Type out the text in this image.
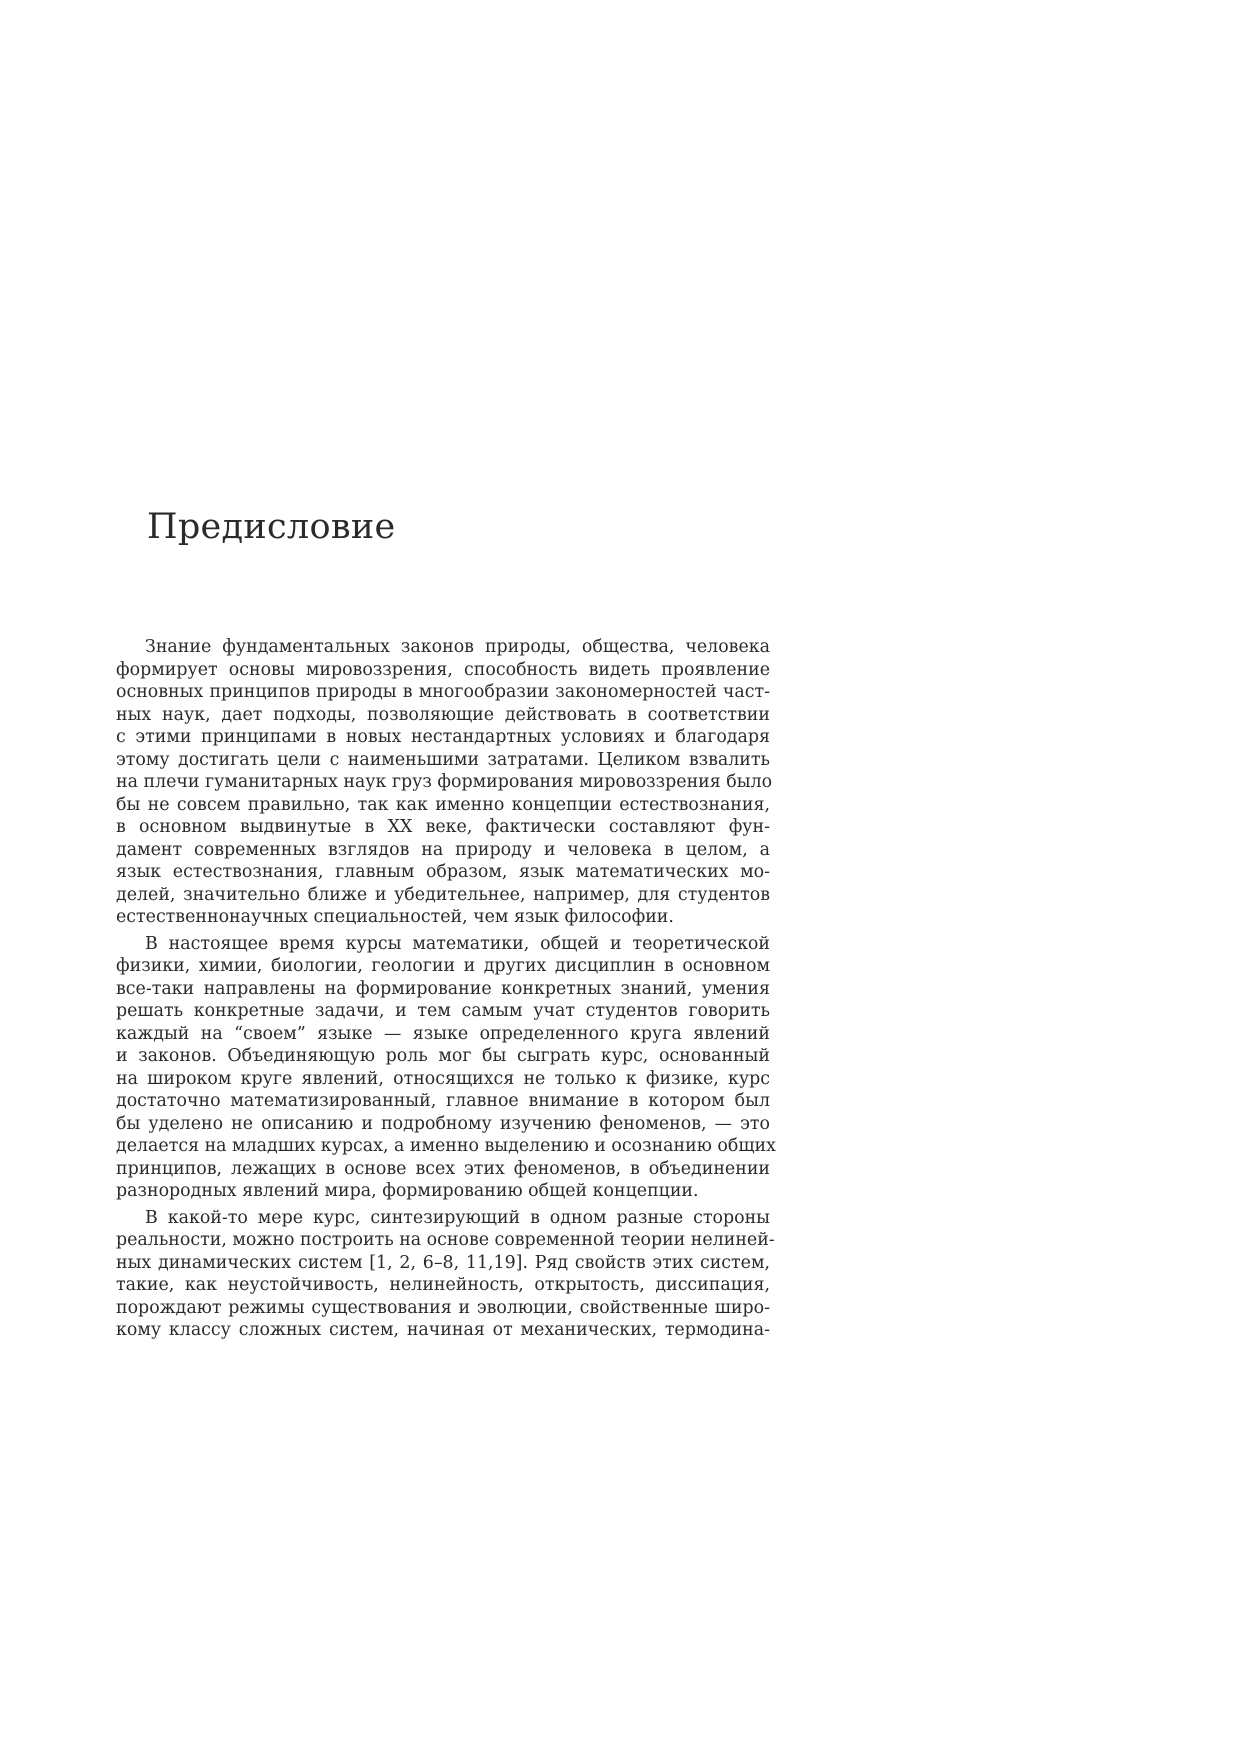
Предисловие
Знание фундаментальных законов природы, общества, человека
формирует основы мировоззрения, способность видеть проявление
основных принципов природы в многообразии закономерностей част-
ных наук, дает подходы, позволяющие действовать в соответствии
с этими принципами в новых нестандартных условиях и благодаря
этому достигать цели с наименьшими затратами. Целиком взвалить
на плечи гуманитарных наук груз формирования мировоззрения было
бы не совсем правильно, так как именно концепции естествознания,
в основном выдвинутые в XX веке, фактически составляют фун-
дамент современных взглядов на природу и человека в целом, а
язык естествознания, главным образом, язык математических мо-
делей, значительно ближе и убедительнее, например, для студентов
естественнонаучных специальностей, чем язык философии.
В настоящее время курсы математики, общей и теоретической
физики, химии, биологии, геологии и других дисциплин в основном
все-таки направлены на формирование конкретных знаний, умения
решать конкретные задачи, и тем самым учат студентов говорить
каждый на “своем” языке — языке определенного круга явлений
и законов. Объединяющую роль мог бы сыграть курс, основанный
на широком круге явлений, относящихся не только к физике, курс
достаточно математизированный, главное внимание в котором был
бы уделено не описанию и подробному изучению феноменов, — это
делается на младших курсах, а именно выделению и осознанию общих
принципов, лежащих в основе всех этих феноменов, в объединении
разнородных явлений мира, формированию общей концепции.
В какой-то мере курс, синтезирующий в одном разные стороны
реальности, можно построить на основе современной теории нелиней-
ных динамических систем [1, 2, 6–8, 11,19]. Ряд свойств этих систем,
такие, как неустойчивость, нелинейность, открытость, диссипация,
порождают режимы существования и эволюции, свойственные широ-
кому классу сложных систем, начиная от механических, термодина-
